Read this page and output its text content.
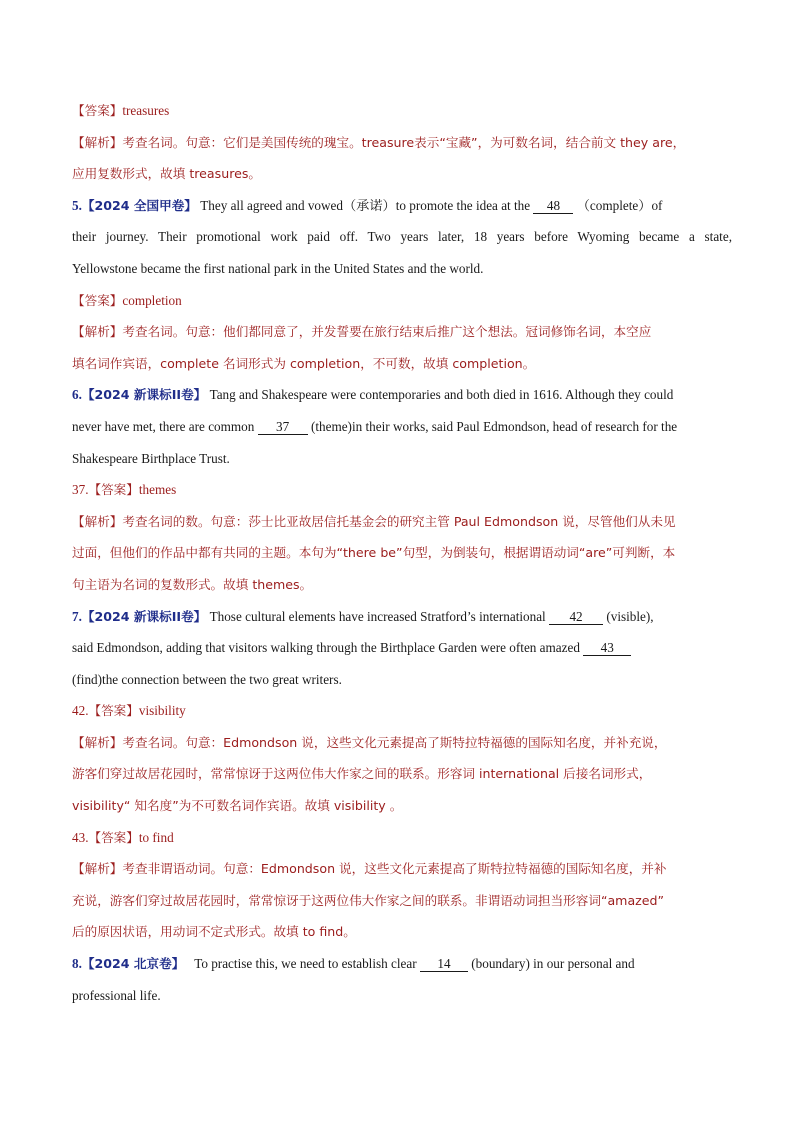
【答案】treasures
【解析】考查名词。句意：它们是美国传统的瑰宝。treasure表示“宝藏”，为可数名词，结合前文 they are，
应用复数形式，故填 treasures。
5.【2024 全国甲卷】 They all agreed and vowed（承诺）to promote the idea at the 48 （complete）of
their journey. Their promotional work paid off. Two years later, 18 years before Wyoming became a state,
Yellowstone became the first national park in the United States and the world.
【答案】completion
【解析】考查名词。句意：他们都同意了，并发誓要在旅行结束后推广这个想法。冠词修饰名词，本空应
填名词作宾语，complete 名词形式为 completion，不可数，故填 completion。
6.【2024 新课标ⅠⅠ卷】 Tang and Shakespeare were contemporaries and both died in 1616. Although they could
never have met, there are common 37 (theme)in their works, said Paul Edmondson, head of research for the
Shakespeare Birthplace Trust.
37.【答案】themes
【解析】考查名词的数。句意：莎士比亚故居信托基金会的研究主管 Paul Edmondson 说，尽管他们从未见
过面，但他们的作品中都有共同的主题。本句为“there be”句型，为倒装句，根据谓语动词“are”可判断，本
句主语为名词的复数形式。故填 themes。
7.【2024 新课标ⅠⅠ卷】 Those cultural elements have increased Stratford’s international 42 (visible),
said Edmondson, adding that visitors walking through the Birthplace Garden were often amazed 43
(find)the connection between the two great writers.
42.【答案】visibility
【解析】考查名词。句意：Edmondson 说，这些文化元素提高了斯特拉特福德的国际知名度，并补充说，
游客们穿过故居花园时，常常惊讶于这两位伟大作家之间的联系。形容词 international 后接名词形式，
visibility“ 知名度”为不可数名词作宾语。故填 visibility 。
43.【答案】to find
【解析】考查非谓语动词。句意：Edmondson 说，这些文化元素提高了斯特拉特福德的国际知名度，并补
充说，游客们穿过故居花园时，常常惊讶于这两位伟大作家之间的联系。非谓语动词担当形容词“amazed”
后的原因状语，用动词不定式形式。故填 to find。
8.【2024 北京卷】 To practise this, we need to establish clear 14 (boundary) in our personal and
professional life.
